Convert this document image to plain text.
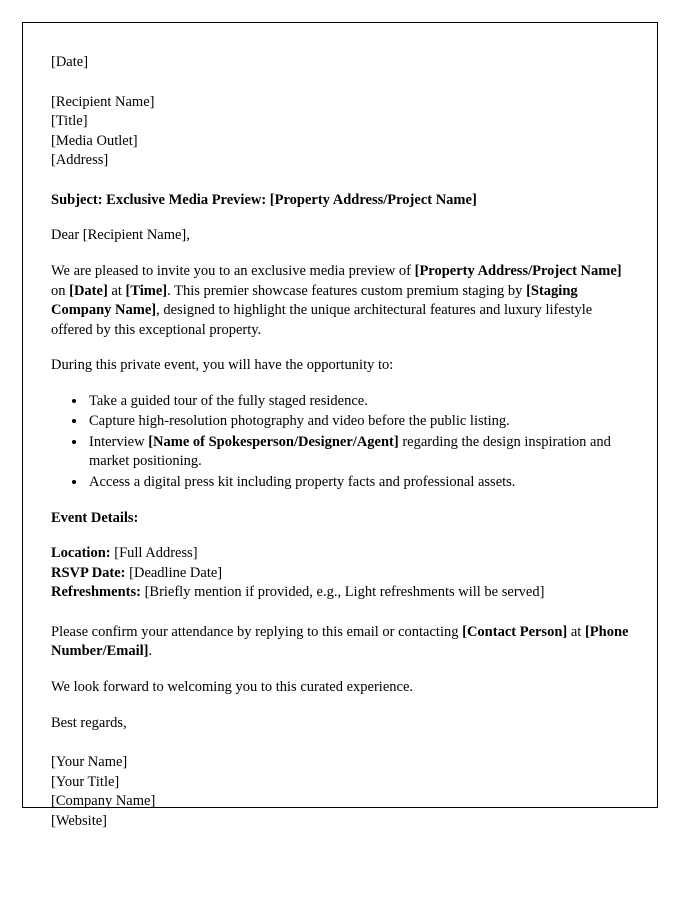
[Date]
[Recipient Name]
[Title]
[Media Outlet]
[Address]
Subject: Exclusive Media Preview: [Property Address/Project Name]
Dear [Recipient Name],
We are pleased to invite you to an exclusive media preview of [Property Address/Project Name] on [Date] at [Time]. This premier showcase features custom premium staging by [Staging Company Name], designed to highlight the unique architectural features and luxury lifestyle offered by this exceptional property.
During this private event, you will have the opportunity to:
• Take a guided tour of the fully staged residence.
• Capture high-resolution photography and video before the public listing.
• Interview [Name of Spokesperson/Designer/Agent] regarding the design inspiration and market positioning.
• Access a digital press kit including property facts and professional assets.
Event Details:
Location: [Full Address]
RSVP Date: [Deadline Date]
Refreshments: [Briefly mention if provided, e.g., Light refreshments will be served]
Please confirm your attendance by replying to this email or contacting [Contact Person] at [Phone Number/Email].
We look forward to welcoming you to this curated experience.
Best regards,
[Your Name]
[Your Title]
[Company Name]
[Website]
